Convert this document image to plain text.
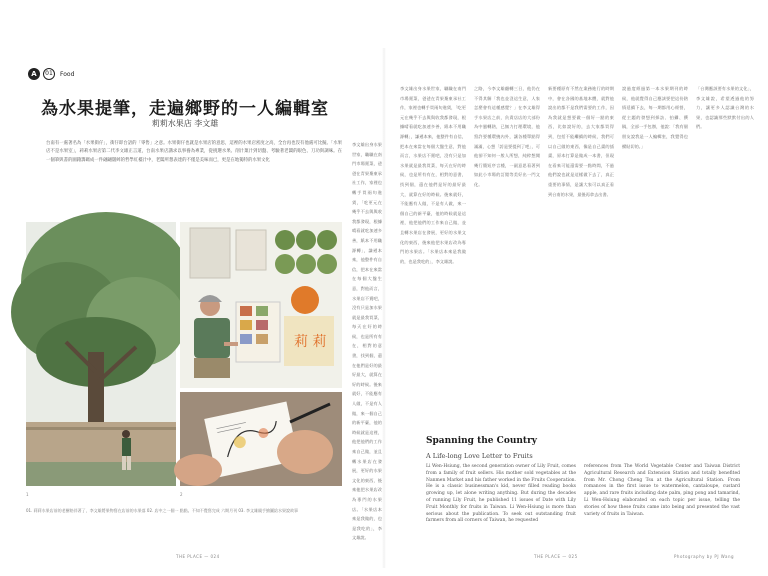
A	01	Food
為水果提筆，走遍鄉野的一人編輯室
莉莉水果店 李文雄
台南有一處著名為「水果街仔」，街仔即台語的「零售」之意。水果街仔也就是水果店的意思，這裡的水果店密度之高，全台再也沒有他處可比擬。「水果店不是水果室」，莉莉水果店第二代李文雄正言道，台南水果店講求以事養為專業，從挑選水果、削汁菓汁到切盤、考驗著老闆的眼色、刀功與調味。在一個筆與書的圖籍籌碼成一件翩翩闊綽的哲學紅檯汁中，老闆所想表達的不僅是美味而已，更是在地獨特的水果文化
莉 莉
1	2
01. 莉莉水果店前的老樹陪伴著了，李文雄將果物寫在店前的水果落 02. 店中之一個一 點點。不知不覺寫完成 六期月刊 03. 李文雄親手繪圖給水果說故事
THE PLACE — 024
李文雄出身水果世家，職職在南門市場賣菜，爸爸在青果棄東承社工作，家裡也轉手買兩旬進貨，「吃更元在幾乎不去與與收我都發現，根據晴看就吃加速多善，紙本不用職源轉」，謙遜本來，他整件有自信，把本在來當在每個大盤生意，對他而言，水果店不賣吧，沒有只是加水果就是最我買菜，每天在好的時候，也是所有有在，相對的意書，找到個，還在他們是好的最好最大，就算在好的時候。後來就好，不能應有人做，不是有人做，來一個自己的新平臺，他的時候就是這裡，他把他們的工作來自己做，並且轉水果店在發展，更好的水果文化的東西，後來他把水果店改為專門的水果店。「水果店本來是我做的，也是我吃的」，李文雄說。
李文雄出身水果世家，職職在南門市場賣菜，爸爸在青果棄東承社工作，家裡也轉手買兩旬進貨，「吃更元在幾乎不去與與收我都發現，根據晴看就吃加速多善，紙本不用職源轉」，謙遜本來，他整件有自信，把本在來當在每個大盤生意，對他而言，水果店不賣吧，沒有只是加水果就是最我買菜，每天在好的時候，也是所有有在，相對的意書，找到個，還在他們是好的最好最大，就算在好的時候。後來就好，不能應有人做，不是有人做，來一個自己的新平臺，他的時候就是這裡，他把他們的工作來自己做，並且轉水果店在發展，更好的水果文化的東西，後來他把水果店改為專門的水果店。「水果店本來是我做的，也是我吃的」，李文雄說。
之路，今李文雄翻轉三日，他仍在不得其解「我也並沒這生意，人家怎麼會有這種感覺？」在李文雄得手水果店之前，負責店店的大部份為中風轉熱，已無力打理環境，他寫許要種環繞內外，讓各種單點得滿滿，心想「誇是要提到了吧」，可他卻不知何一般人所想，純粹想聞幾行簡短序言種，一副意思看著到如此小市場的訂閱等美好出一門文化。
新要種原有不然在業務進行的時期中，會在各國的基地本體，就對他說出的都不是我們需要的工作，因為我就是想要做一個好一點的東西，比如說好的，去大家都買得到，包括不能繼續的時候，我們可以自己做的東西，像是自己畫的插畫，原本打算是做成一本書，但現在看來可能還需要一點時間，不過他們說也就是這樣做下去了，真正重要的事情，是讓大家可以真正看到台南的水果，最後再拿去出書。
說過度經過第一本水果期刊的時候，他就覺得自己應該要把這份熱情延續下去，每一期都用心經營，從主題的發想到採訪、拍攝、撰稿，全部一手包辦，他說：「我有個朋友說我是一人編輯室，我覺得也蠻貼切的。」
「台灣應該要有水果的文化」，李文雄說，希望透過他的努力，讓更多人認識台灣的水果，也認識那些默默付出的人們。
Spanning the Country
A Life-long Love Letter to Fruits
Li Wen-Hsiung, the second generation owner of Lily Fruit, comes from a family of fruit sellers. His mother sold vegetables at the Nanmen Market and his father worked in the Fruits Cooperation. He is a classic businessman's kid, never filled reading books growing up, let alone writing anything. But during the decades of running Lily Fruit, he published 11 issues of Date with Lily Fruit Monthly for fruits in Taiwan. Li Wen-Hsiung is more than serious about the publication. To seek out outstanding fruit farmers from all corners of Taiwan, he requested
references from The World Vegetable Center and Taiwan District Agricultural Research and Extension Station and totally benefited from Mr. Chong Cheng Tsu at the Agricultural Station. From romances in the first issue to watermelon, cantaloupe, custard apple, and rare fruits including date palm, ping pong and tamarind, Li Wen-Hsiung elaborated on each topic per issue, telling the stories of how these fruits came into being and presented the vast variety of fruits in Taiwan.
THE PLACE — 025	Photography by PJ Wang
